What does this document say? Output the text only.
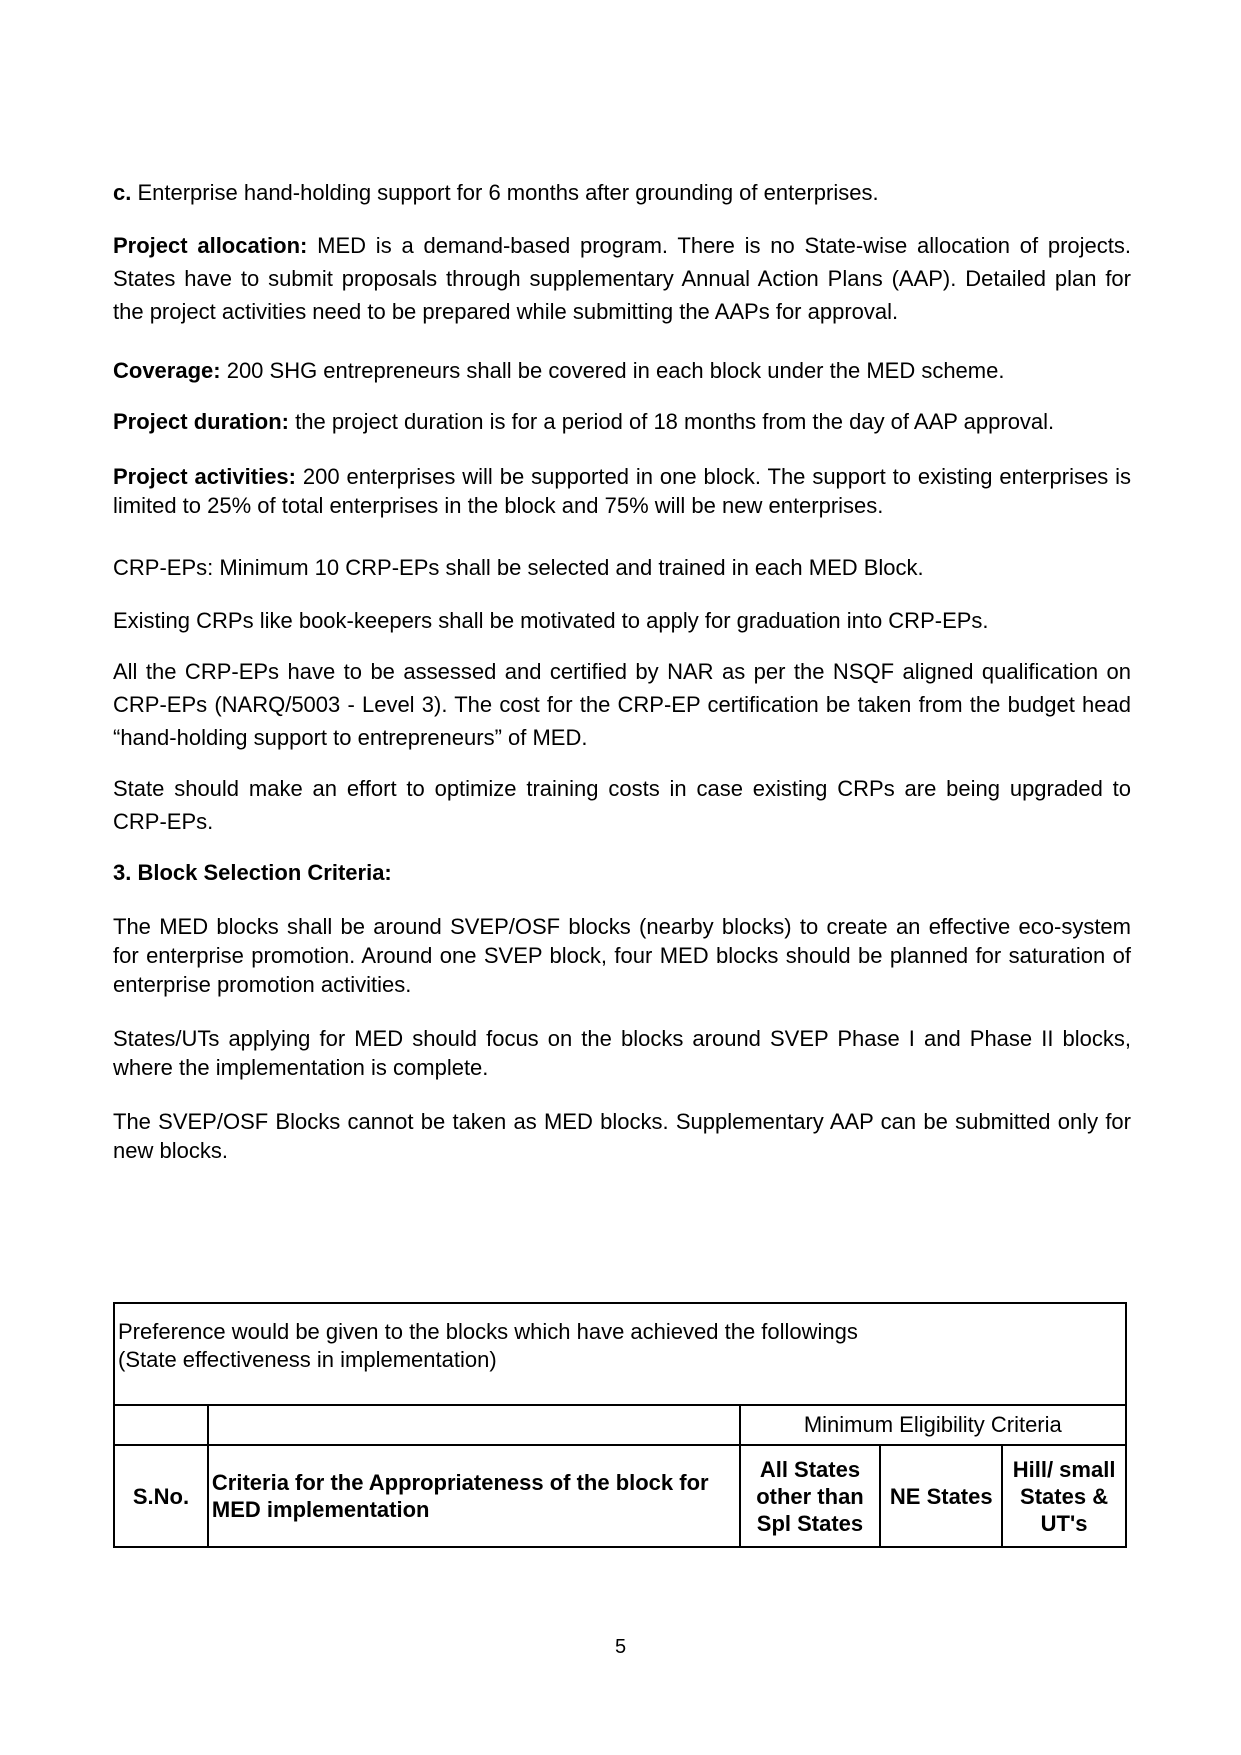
c. Enterprise hand-holding support for 6 months after grounding of enterprises.

Project allocation: MED is a demand-based program. There is no State-wise allocation of projects. States have to submit proposals through supplementary Annual Action Plans (AAP). Detailed plan for the project activities need to be prepared while submitting the AAPs for approval.

Coverage: 200 SHG entrepreneurs shall be covered in each block under the MED scheme.

Project duration: the project duration is for a period of 18 months from the day of AAP approval.

Project activities: 200 enterprises will be supported in one block. The support to existing enterprises is limited to 25% of total enterprises in the block and 75% will be new enterprises.

CRP-EPs: Minimum 10 CRP-EPs shall be selected and trained in each MED Block.

Existing CRPs like book-keepers shall be motivated to apply for graduation into CRP-EPs.

All the CRP-EPs have to be assessed and certified by NAR as per the NSQF aligned qualification on CRP-EPs (NARQ/5003 - Level 3). The cost for the CRP-EP certification be taken from the budget head “hand-holding support to entrepreneurs” of MED.

State should make an effort to optimize training costs in case existing CRPs are being upgraded to CRP-EPs.

3. Block Selection Criteria:

The MED blocks shall be around SVEP/OSF blocks (nearby blocks) to create an effective eco-system for enterprise promotion. Around one SVEP block, four MED blocks should be planned for saturation of enterprise promotion activities.

States/UTs applying for MED should focus on the blocks around SVEP Phase I and Phase II blocks, where the implementation is complete.

The SVEP/OSF Blocks cannot be taken as MED blocks. Supplementary AAP can be submitted only for new blocks.

Preference would be given to the blocks which have achieved the followings
(State effectiveness in implementation)				

		Minimum Eligibility Criteria		
S.No.	Criteria for the Appropriateness of the block for MED implementation	All States other than Spl States	NE States	Hill/ small States & UT's
5
